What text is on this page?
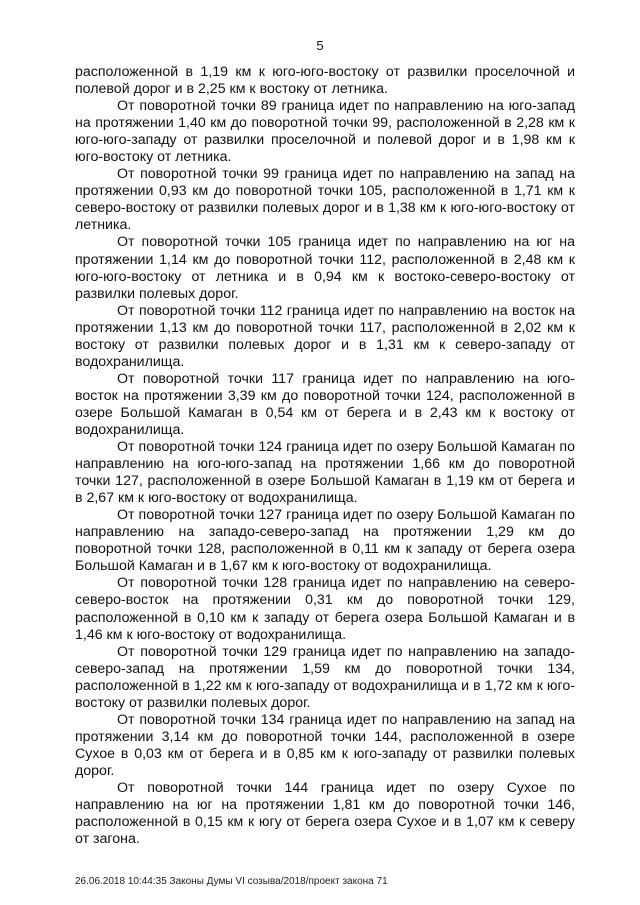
5

расположенной в 1,19 км к юго-юго-востоку от развилки проселочной и полевой дорог и в 2,25 км к востоку от летника.

От поворотной точки 89 граница идет по направлению на юго-запад на протяжении 1,40 км до поворотной точки 99, расположенной в 2,28 км к юго-юго-западу от развилки проселочной и полевой дорог и в 1,98 км к юго-востоку от летника.

От поворотной точки 99 граница идет по направлению на запад на протяжении 0,93 км до поворотной точки 105, расположенной в 1,71 км к северо-востоку от развилки полевых дорог и в 1,38 км к юго-юго-востоку от летника.

От поворотной точки 105 граница идет по направлению на юг на протяжении 1,14 км до поворотной точки 112, расположенной в 2,48 км к юго-юго-востоку от летника и в 0,94 км к востоко-северо-востоку от развилки полевых дорог.

От поворотной точки 112 граница идет по направлению на восток на протяжении 1,13 км до поворотной точки 117, расположенной в 2,02 км к востоку от развилки полевых дорог и в 1,31 км к северо-западу от водохранилища.

От поворотной точки 117 граница идет по направлению на юго-восток на протяжении 3,39 км до поворотной точки 124, расположенной в озере Большой Камаган в 0,54 км от берега и в 2,43 км к востоку от водохранилища.

От поворотной точки 124 граница идет по озеру Большой Камаган по направлению на юго-юго-запад на протяжении 1,66 км до поворотной точки 127, расположенной в озере Большой Камаган в 1,19 км от берега и в 2,67 км к юго-востоку от водохранилища.

От поворотной точки 127 граница идет по озеру Большой Камаган по направлению на западо-северо-запад на протяжении 1,29 км до поворотной точки 128, расположенной в 0,11 км к западу от берега озера Большой Камаган и в 1,67 км к юго-востоку от водохранилища.

От поворотной точки 128 граница идет по направлению на северо-северо-восток на протяжении 0,31 км до поворотной точки 129, расположенной в 0,10 км к западу от берега озера Большой Камаган и в 1,46 км к юго-востоку от водохранилища.

От поворотной точки 129 граница идет по направлению на западо-северо-запад на протяжении 1,59 км до поворотной точки 134, расположенной в 1,22 км к юго-западу от водохранилища и в 1,72 км к юго-востоку от развилки полевых дорог.

От поворотной точки 134 граница идет по направлению на запад на протяжении 3,14 км до поворотной точки 144, расположенной в озере Сухое в 0,03 км от берега и в 0,85 км к юго-западу от развилки полевых дорог.

От поворотной точки 144 граница идет по озеру Сухое по направлению на юг на протяжении 1,81 км до поворотной точки 146, расположенной в 0,15 км к югу от берега озера Сухое и в 1,07 км к северу от загона.

26.06.2018 10:44:35 Законы Думы VI созыва/2018/проект закона 71
